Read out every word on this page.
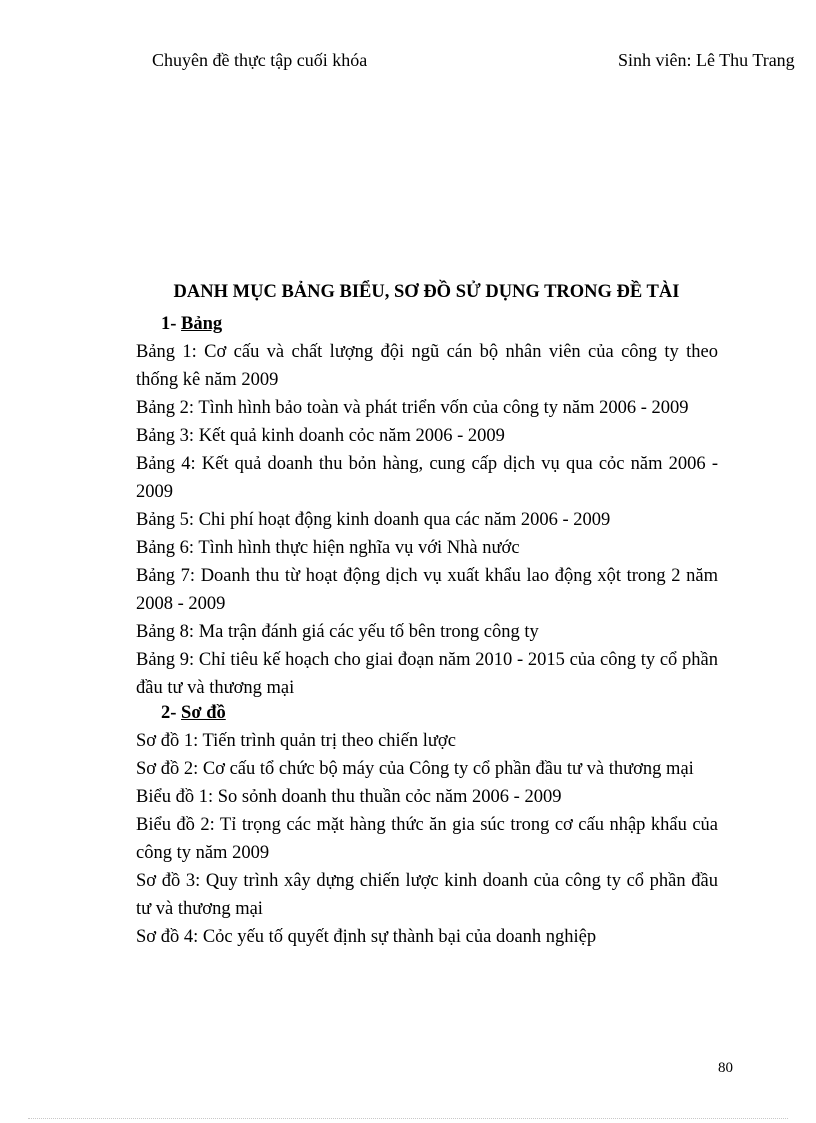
Chuyên đề thực tập cuối khóa	Sinh viên: Lê Thu Trang
DANH MỤC BẢNG BIỂU, SƠ ĐỒ SỬ DỤNG TRONG ĐỀ TÀI
1- Bảng
Bảng 1: Cơ cấu và chất lượng đội ngũ cán bộ nhân viên của công ty theo thống kê năm 2009
Bảng 2: Tình hình bảo toàn và phát triển vốn của công ty năm 2006 - 2009
Bảng 3: Kết quả kinh doanh cỏc năm 2006 - 2009
Bảng 4: Kết quả doanh thu bỏn hàng, cung cấp dịch vụ qua cỏc năm 2006 - 2009
Bảng 5: Chi phí hoạt động kinh doanh qua các năm 2006 - 2009
Bảng 6: Tình hình thực hiện nghĩa vụ với Nhà nước
Bảng 7: Doanh thu từ hoạt động dịch vụ xuất khẩu lao động xột trong 2 năm 2008 - 2009
Bảng 8: Ma trận đánh giá các yếu tố bên trong công ty
Bảng 9: Chỉ tiêu kế hoạch cho giai đoạn năm 2010 - 2015 của công ty cổ phần đầu tư và thương mại
2- Sơ đồ
Sơ đồ 1: Tiến trình quản trị theo chiến lược
Sơ đồ 2: Cơ cấu tổ chức bộ máy của Công ty cổ phần đầu tư và thương mại
Biểu đồ 1: So sỏnh doanh thu thuần cỏc năm 2006 - 2009
Biểu đồ 2: Tỉ trọng các mặt hàng thức ăn gia súc trong cơ cấu nhập khẩu của công ty năm 2009
Sơ đồ 3: Quy trình xây dựng chiến lược kinh doanh của công ty cổ phần đầu tư và thương mại
Sơ đồ 4: Cỏc yếu tố quyết định sự thành bại của doanh nghiệp
80
